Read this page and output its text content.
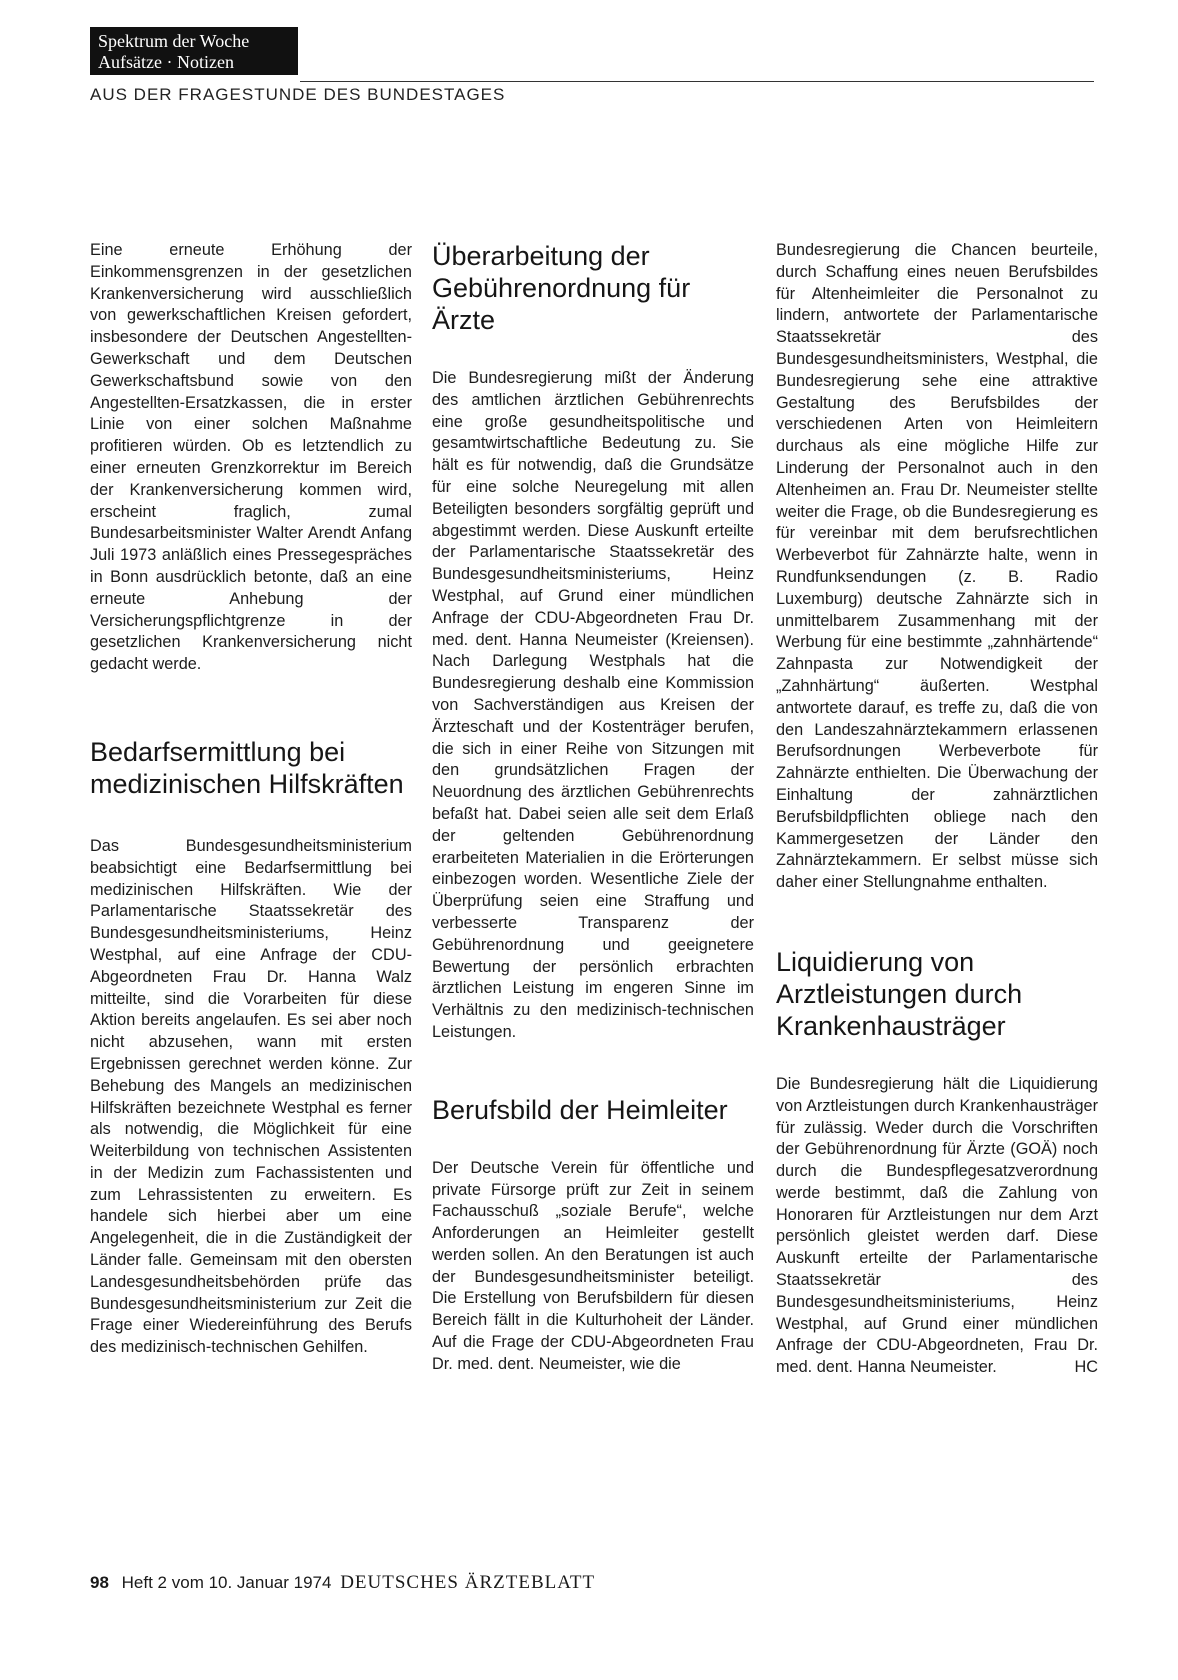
Spektrum der Woche
Aufsätze · Notizen
AUS DER FRAGESTUNDE DES BUNDESTAGES

Eine erneute Erhöhung der Einkommensgrenzen in der gesetzlichen Krankenversicherung wird ausschließlich von gewerkschaftlichen Kreisen gefordert, insbesondere der Deutschen Angestellten-Gewerkschaft und dem Deutschen Gewerkschaftsbund sowie von den Angestellten-Ersatzkassen, die in erster Linie von einer solchen Maßnahme profitieren würden. Ob es letztendlich zu einer erneuten Grenzkorrektur im Bereich der Krankenversicherung kommen wird, erscheint fraglich, zumal Bundesarbeitsminister Walter Arendt Anfang Juli 1973 anläßlich eines Pressegespräches in Bonn ausdrücklich betonte, daß an eine erneute Anhebung der Versicherungspflichtgrenze in der gesetzlichen Krankenversicherung nicht gedacht werde.

Bedarfsermittlung bei medizinischen Hilfskräften

Das Bundesgesundheitsministerium beabsichtigt eine Bedarfsermittlung bei medizinischen Hilfskräften. Wie der Parlamentarische Staatssekretär des Bundesgesundheitsministeriums, Heinz Westphal, auf eine Anfrage der CDU-Abgeordneten Frau Dr. Hanna Walz mitteilte, sind die Vorarbeiten für diese Aktion bereits angelaufen. Es sei aber noch nicht abzusehen, wann mit ersten Ergebnissen gerechnet werden könne. Zur Behebung des Mangels an medizinischen Hilfskräften bezeichnete Westphal es ferner als notwendig, die Möglichkeit für eine Weiterbildung von technischen Assistenten in der Medizin zum Fachassistenten und zum Lehrassistenten zu erweitern. Es handele sich hierbei aber um eine Angelegenheit, die in die Zuständigkeit der Länder falle. Gemeinsam mit den obersten Landesgesundheitsbehörden prüfe das Bundesgesundheitsministerium zur Zeit die Frage einer Wiedereinführung des Berufs des medizinisch-technischen Gehilfen.

Überarbeitung der Gebührenordnung für Ärzte

Die Bundesregierung mißt der Änderung des amtlichen ärztlichen Gebührenrechts eine große gesundheitspolitische und gesamtwirtschaftliche Bedeutung zu. Sie hält es für notwendig, daß die Grundsätze für eine solche Neuregelung mit allen Beteiligten besonders sorgfältig geprüft und abgestimmt werden. Diese Auskunft erteilte der Parlamentarische Staatssekretär des Bundesgesundheitsministeriums, Heinz Westphal, auf Grund einer mündlichen Anfrage der CDU-Abgeordneten Frau Dr. med. dent. Hanna Neumeister (Kreiensen). Nach Darlegung Westphals hat die Bundesregierung deshalb eine Kommission von Sachverständigen aus Kreisen der Ärzteschaft und der Kostenträger berufen, die sich in einer Reihe von Sitzungen mit den grundsätzlichen Fragen der Neuordnung des ärztlichen Gebührenrechts befaßt hat. Dabei seien alle seit dem Erlaß der geltenden Gebührenordnung erarbeiteten Materialien in die Erörterungen einbezogen worden. Wesentliche Ziele der Überprüfung seien eine Straffung und verbesserte Transparenz der Gebührenordnung und geeignetere Bewertung der persönlich erbrachten ärztlichen Leistung im engeren Sinne im Verhältnis zu den medizinisch-technischen Leistungen.

Berufsbild der Heimleiter

Der Deutsche Verein für öffentliche und private Fürsorge prüft zur Zeit in seinem Fachausschuß „soziale Berufe“, welche Anforderungen an Heimleiter gestellt werden sollen. An den Beratungen ist auch der Bundesgesundheitsminister beteiligt. Die Erstellung von Berufsbildern für diesen Bereich fällt in die Kulturhoheit der Länder. Auf die Frage der CDU-Abgeordneten Frau Dr. med. dent. Neumeister, wie die

Bundesregierung die Chancen beurteile, durch Schaffung eines neuen Berufsbildes für Altenheimleiter die Personalnot zu lindern, antwortete der Parlamentarische Staatssekretär des Bundesgesundheitsministers, Westphal, die Bundesregierung sehe eine attraktive Gestaltung des Berufsbildes der verschiedenen Arten von Heimleitern durchaus als eine mögliche Hilfe zur Linderung der Personalnot auch in den Altenheimen an. Frau Dr. Neumeister stellte weiter die Frage, ob die Bundesregierung es für vereinbar mit dem berufsrechtlichen Werbeverbot für Zahnärzte halte, wenn in Rundfunksendungen (z. B. Radio Luxemburg) deutsche Zahnärzte sich in unmittelbarem Zusammenhang mit der Werbung für eine bestimmte „zahnhärtende“ Zahnpasta zur Notwendigkeit der „Zahnhärtung“ äußerten. Westphal antwortete darauf, es treffe zu, daß die von den Landeszahnärztekammern erlassenen Berufsordnungen Werbeverbote für Zahnärzte enthielten. Die Überwachung der Einhaltung der zahnärztlichen Berufsbildpflichten obliege nach den Kammergesetzen der Länder den Zahnärztekammern. Er selbst müsse sich daher einer Stellungnahme enthalten.

Liquidierung von Arztleistungen durch Krankenhausträger

Die Bundesregierung hält die Liquidierung von Arztleistungen durch Krankenhausträger für zulässig. Weder durch die Vorschriften der Gebührenordnung für Ärzte (GOÄ) noch durch die Bundespflegesatzverordnung werde bestimmt, daß die Zahlung von Honoraren für Arztleistungen nur dem Arzt persönlich gleistet werden darf. Diese Auskunft erteilte der Parlamentarische Staatssekretär des Bundesgesundheitsministeriums, Heinz Westphal, auf Grund einer mündlichen Anfrage der CDU-Abgeordneten, Frau Dr. med. dent. Hanna Neumeister.	HC

98 Heft 2 vom 10. Januar 1974 DEUTSCHES ÄRZTEBLATT
